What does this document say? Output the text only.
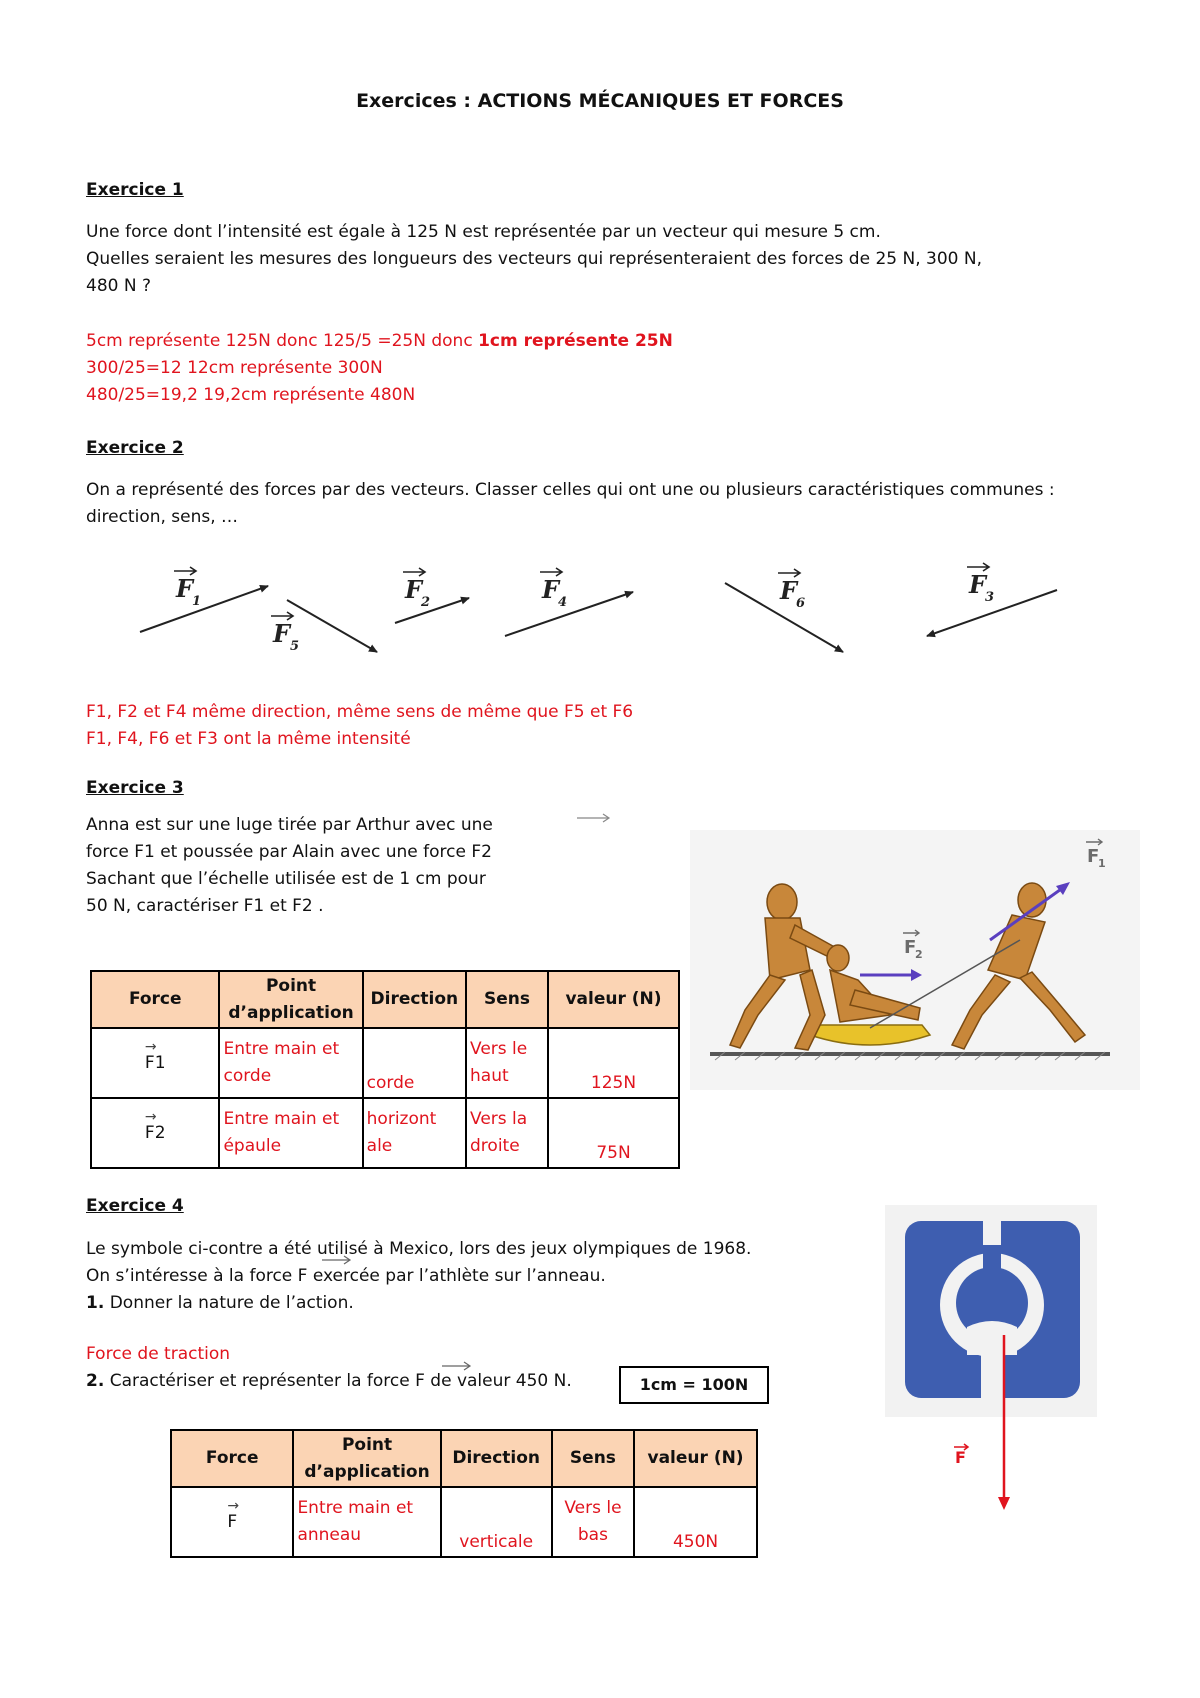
Exercices : ACTIONS MÉCANIQUES ET FORCES
Exercice 1
Une force dont l’intensité est égale à 125 N est représentée par un vecteur qui mesure 5 cm.
Quelles seraient les mesures des longueurs des vecteurs qui représenteraient des forces de 25 N, 300 N,
480 N ?
5cm représente 125N donc 125/5 =25N donc 1cm représente 25N
300/25=12 12cm représente 300N
480/25=19,2 19,2cm représente 480N
Exercice 2
On a représenté des forces par des vecteurs. Classer celles qui ont une ou plusieurs caractéristiques communes :
direction, sens, …
F
1
F 5
F
2	F
4	F
6
F
3
F1, F2 et F4 même direction, même sens de même que F5 et F6
F1, F4, F6 et F3 ont la même intensité
Exercice 3
Anna est sur une luge tirée par Arthur avec une
force F1 et poussée par Alain avec une force F2
Sachant que l’échelle utilisée est de 1 cm pour
50 N, caractériser F1 et F2 .
Force	Point d’application	Direction	Sens	valeur (N)
→ F1	Entre main et corde	corde	Vers le haut	125N
→ F2	Entre main et épaule	horizont ale	Vers la droite	75N
F
1
F
2
Exercice 4
Le symbole ci-contre a été utilisé à Mexico, lors des jeux olympiques de 1968.
On s’intéresse à la force F exercée par l’athlète sur l’anneau.
1. Donner la nature de l’action.
Force de traction
2. Caractériser et représenter la force F de valeur 450 N.	1cm = 100N
Force	Point d’application	Direction	Sens	valeur (N)
→ F	Entre main et anneau	verticale	Vers le bas	450N
F
